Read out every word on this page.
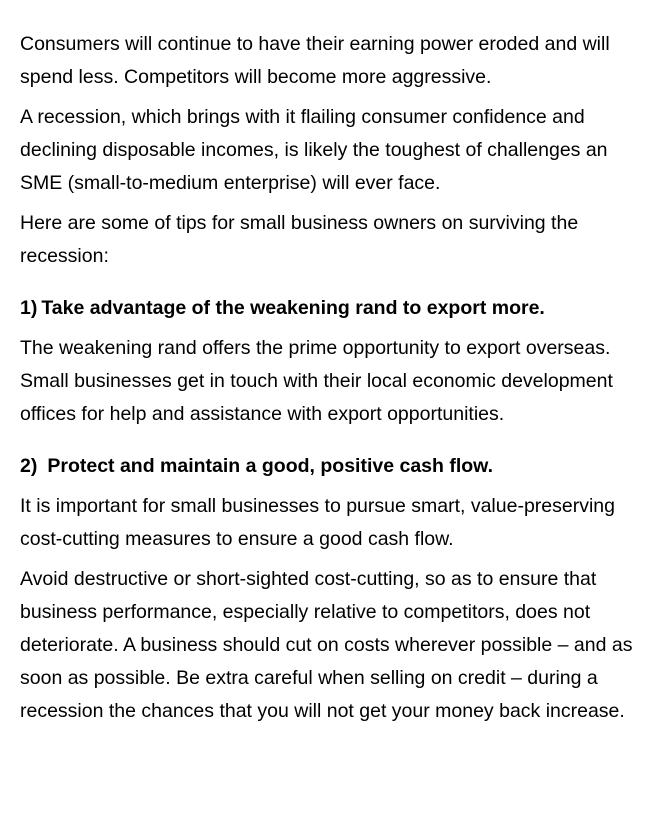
Consumers will continue to have their earning power eroded and will spend less. Competitors will become more aggressive.

A recession, which brings with it flailing consumer confidence and declining disposable incomes, is likely the toughest of challenges an SME (small-to-medium enterprise) will ever face.

Here are some of tips for small business owners on surviving the recession:

1) Take advantage of the weakening rand to export more.

The weakening rand offers the prime opportunity to export overseas. Small businesses get in touch with their local economic development offices for help and assistance with export opportunities.

2) Protect and maintain a good, positive cash flow.

It is important for small businesses to pursue smart, value-preserving cost-cutting measures to ensure a good cash flow.

Avoid destructive or short-sighted cost-cutting, so as to ensure that business performance, especially relative to competitors, does not deteriorate. A business should cut on costs wherever possible – and as soon as possible. Be extra careful when selling on credit – during a recession the chances that you will not get your money back increase.
